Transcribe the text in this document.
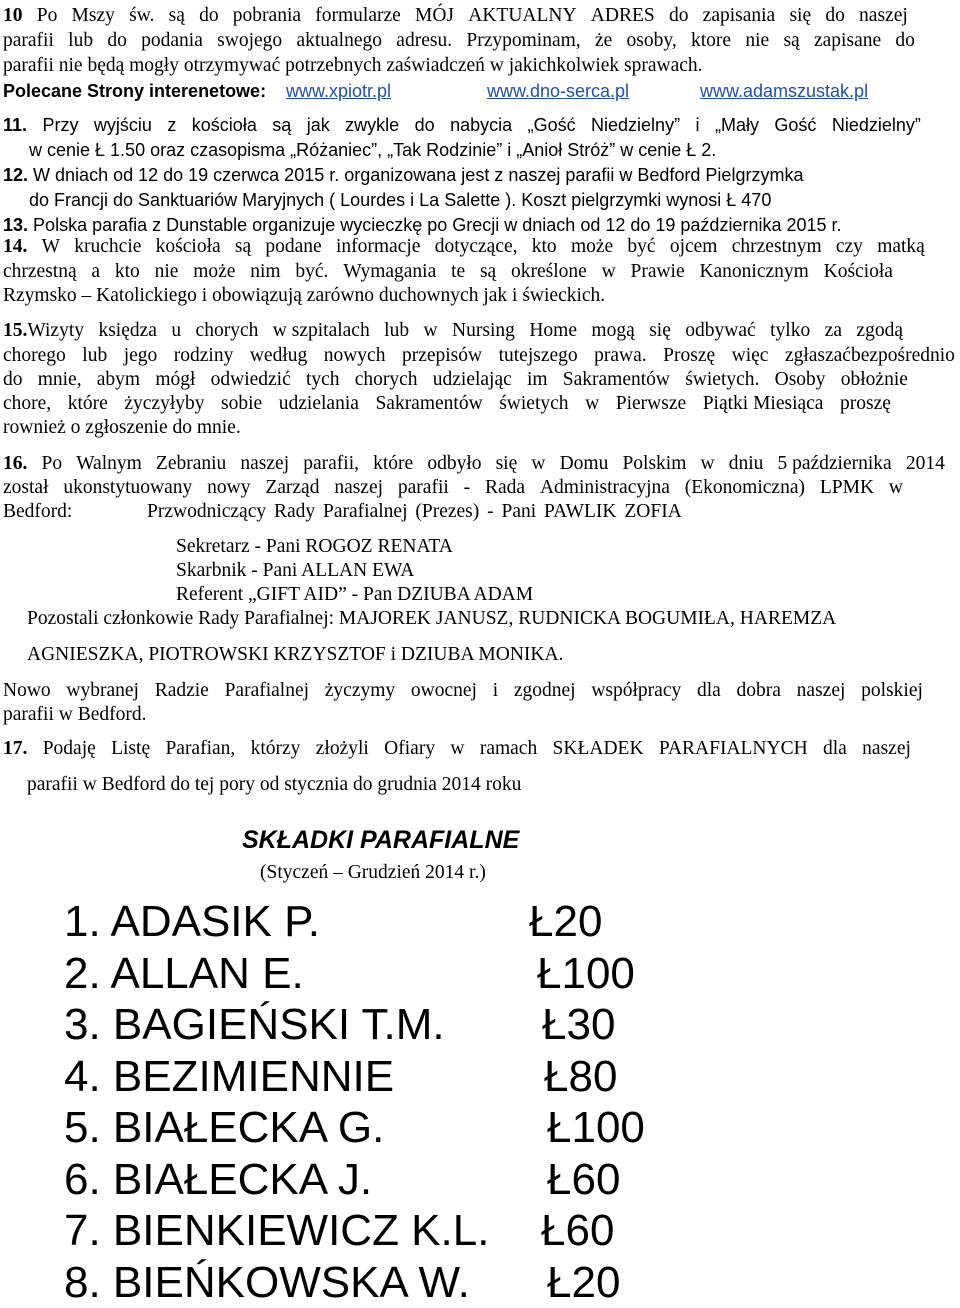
10 Po Mszy św. są do pobrania formularze MÓJ AKTUALNY ADRES do zapisania się do naszej
parafii lub do podania swojego aktualnego adresu. Przypominam, że osoby, ktore nie są zapisane do
parafii nie będą mogły otrzymywać potrzebnych zaświadczeń w jakichkolwiek sprawach.
Polecane Strony interenetowe: www.xpiotr.pl	www.dno-serca.pl	www.adamszustak.pl
11. Przy wyjściu z kościoła są jak zwykle do nabycia „Gość Niedzielny” i „Mały Gość Niedzielny”
w cenie Ł 1.50 oraz czasopisma „Różaniec”, „Tak Rodzinie” i „Anioł Stróż” w cenie Ł 2.
12. W dniach od 12 do 19 czerwca 2015 r. organizowana jest z naszej parafii w Bedford Pielgrzymka
do Francji do Sanktuariów Maryjnych ( Lourdes i La Salette ). Koszt pielgrzymki wynosi Ł 470
13. Polska parafia z Dunstable organizuje wycieczkę po Grecji w dniach od 12 do 19 października 2015 r.
14. W kruchcie kościoła są podane informacje dotyczące, kto może być ojcem chrzestnym czy matką
chrzestną a kto nie może nim być. Wymagania te są określone w Prawie Kanonicznym Kościoła
Rzymsko – Katolickiego i obowiązują zarówno duchownych jak i świeckich.
15.Wizyty księdza u chorych w szpitalach lub w Nursing Home mogą się odbywać tylko za zgodą
chorego lub jego rodziny według nowych przepisów tutejszego prawa. Proszę więc zgłaszaćbezpośrednio
do mnie, abym mógł odwiedzić tych chorych udzielając im Sakramentów świetych. Osoby obłożnie
chore, które życzyłyby sobie udzielania Sakramentów świetych w Pierwsze Piątki Miesiąca proszę
rownież o zgłoszenie do mnie.
16. Po Walnym Zebraniu naszej parafii, które odbyło się w Domu Polskim w dniu 5 października 2014
został ukonstytuowany nowy Zarząd naszej parafii - Rada Administracyjna (Ekonomiczna) LPMK w
Bedford:	Przwodniczący Rady Parafialnej (Prezes) - Pani PAWLIK ZOFIA
Sekretarz - Pani ROGOZ RENATA
Skarbnik - Pani ALLAN EWA
Referent „GIFT AID” - Pan DZIUBA ADAM
Pozostali członkowie Rady Parafialnej: MAJOREK JANUSZ, RUDNICKA BOGUMIŁA, HAREMZA
AGNIESZKA, PIOTROWSKI KRZYSZTOF i DZIUBA MONIKA.
Nowo wybranej Radzie Parafialnej życzymy owocnej i zgodnej współpracy dla dobra naszej polskiej
parafii w Bedford.
17. Podaję Listę Parafian, którzy złożyli Ofiary w ramach SKŁADEK PARAFIALNYCH dla naszej
parafii w Bedford do tej pory od stycznia do grudnia 2014 roku
SKŁADKI PARAFIALNE
(Styczeń – Grudzień 2014 r.)
1. ADASIK P.	Ł20
2. ALLAN E.	Ł100
3. BAGIEŃSKI T.M. Ł30
4. BEZIMIENNIE	Ł80
5. BIAŁECKA G.	Ł100
6. BIAŁECKA J.	Ł60
7. BIENKIEWICZ K.L. Ł60
8. BIEŃKOWSKA W. Ł20
